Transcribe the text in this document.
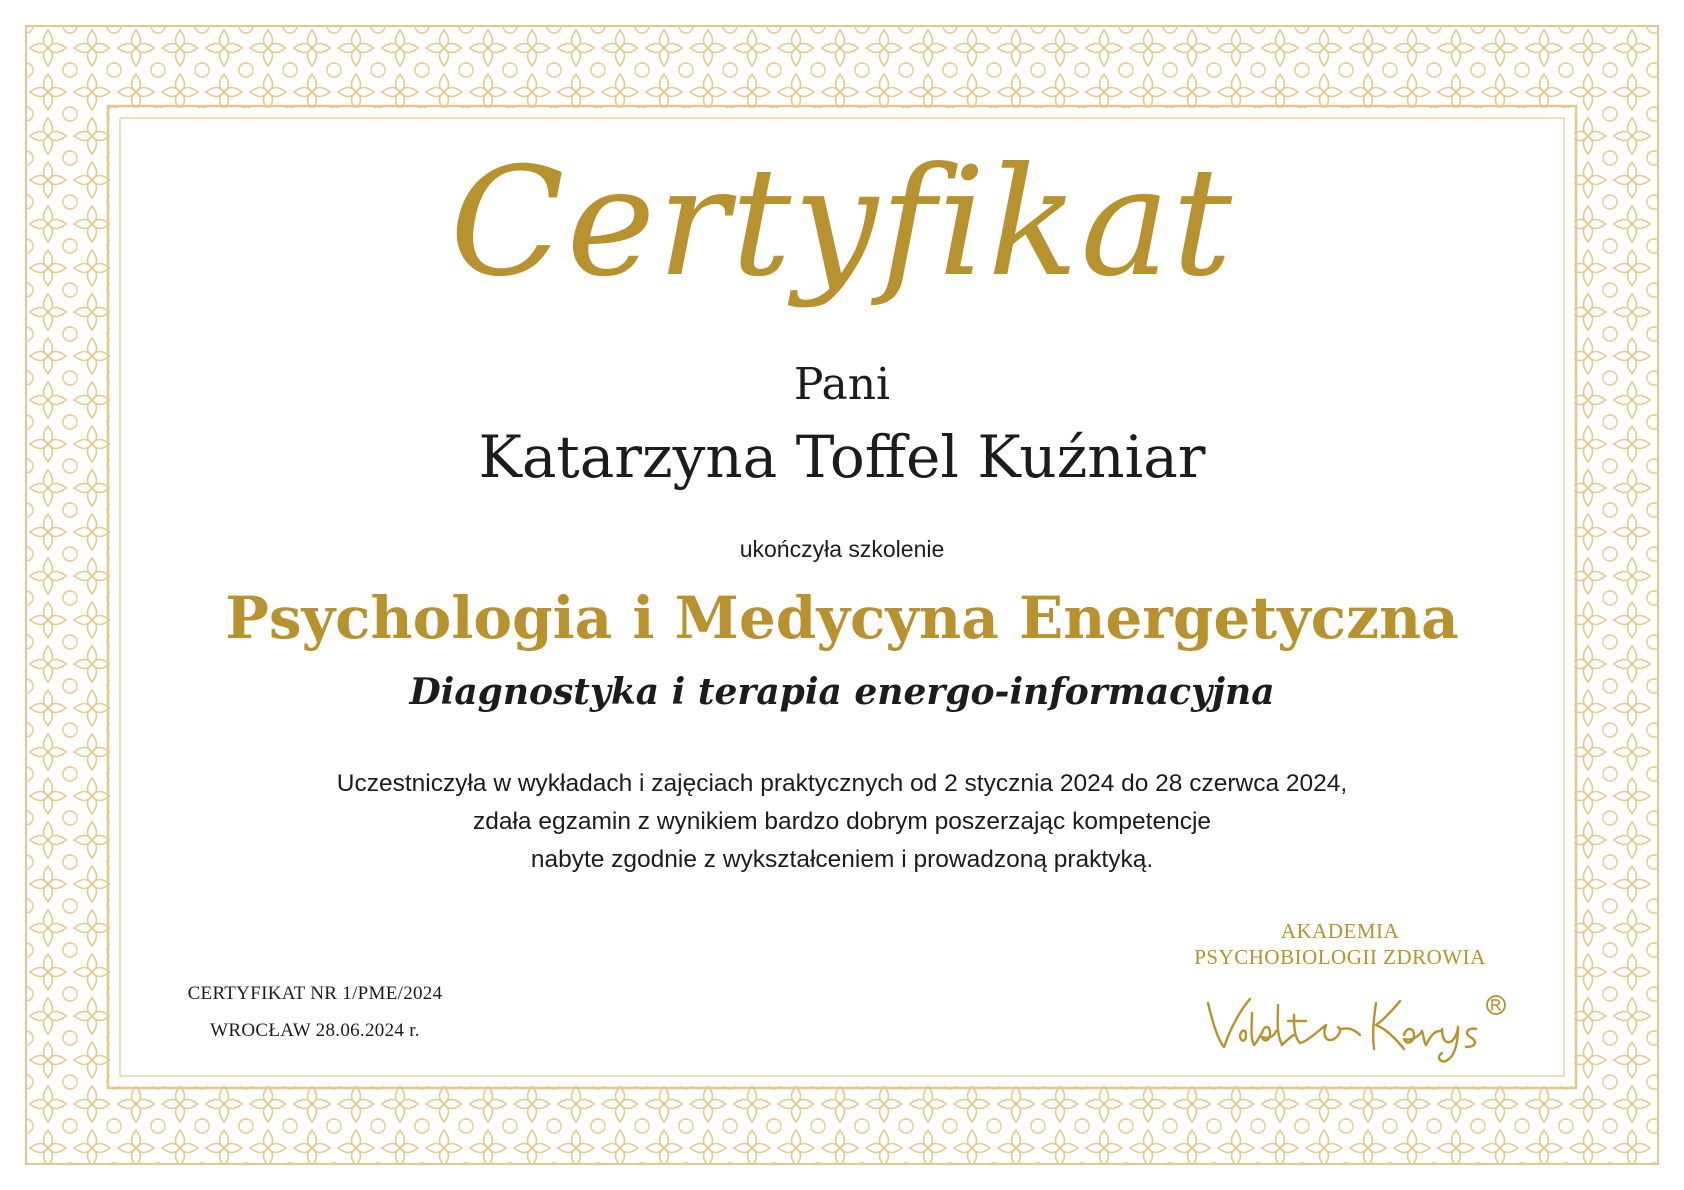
Certyfikat
Pani
Katarzyna Toffel Kuźniar
ukończyła szkolenie
Psychologia i Medycyna Energetyczna
Diagnostyka i terapia energo-informacyjna
Uczestniczyła w wykładach i zajęciach praktycznych od 2 stycznia 2024 do 28 czerwca 2024,
zdała egzamin z wynikiem bardzo dobrym poszerzając kompetencje
nabyte zgodnie z wykształceniem i prowadzoną praktyką.
CERTYFIKAT NR 1/PME/2024
WROCŁAW 28.06.2024 r.
AKADEMIA
PSYCHOBIOLOGII ZDROWIA
